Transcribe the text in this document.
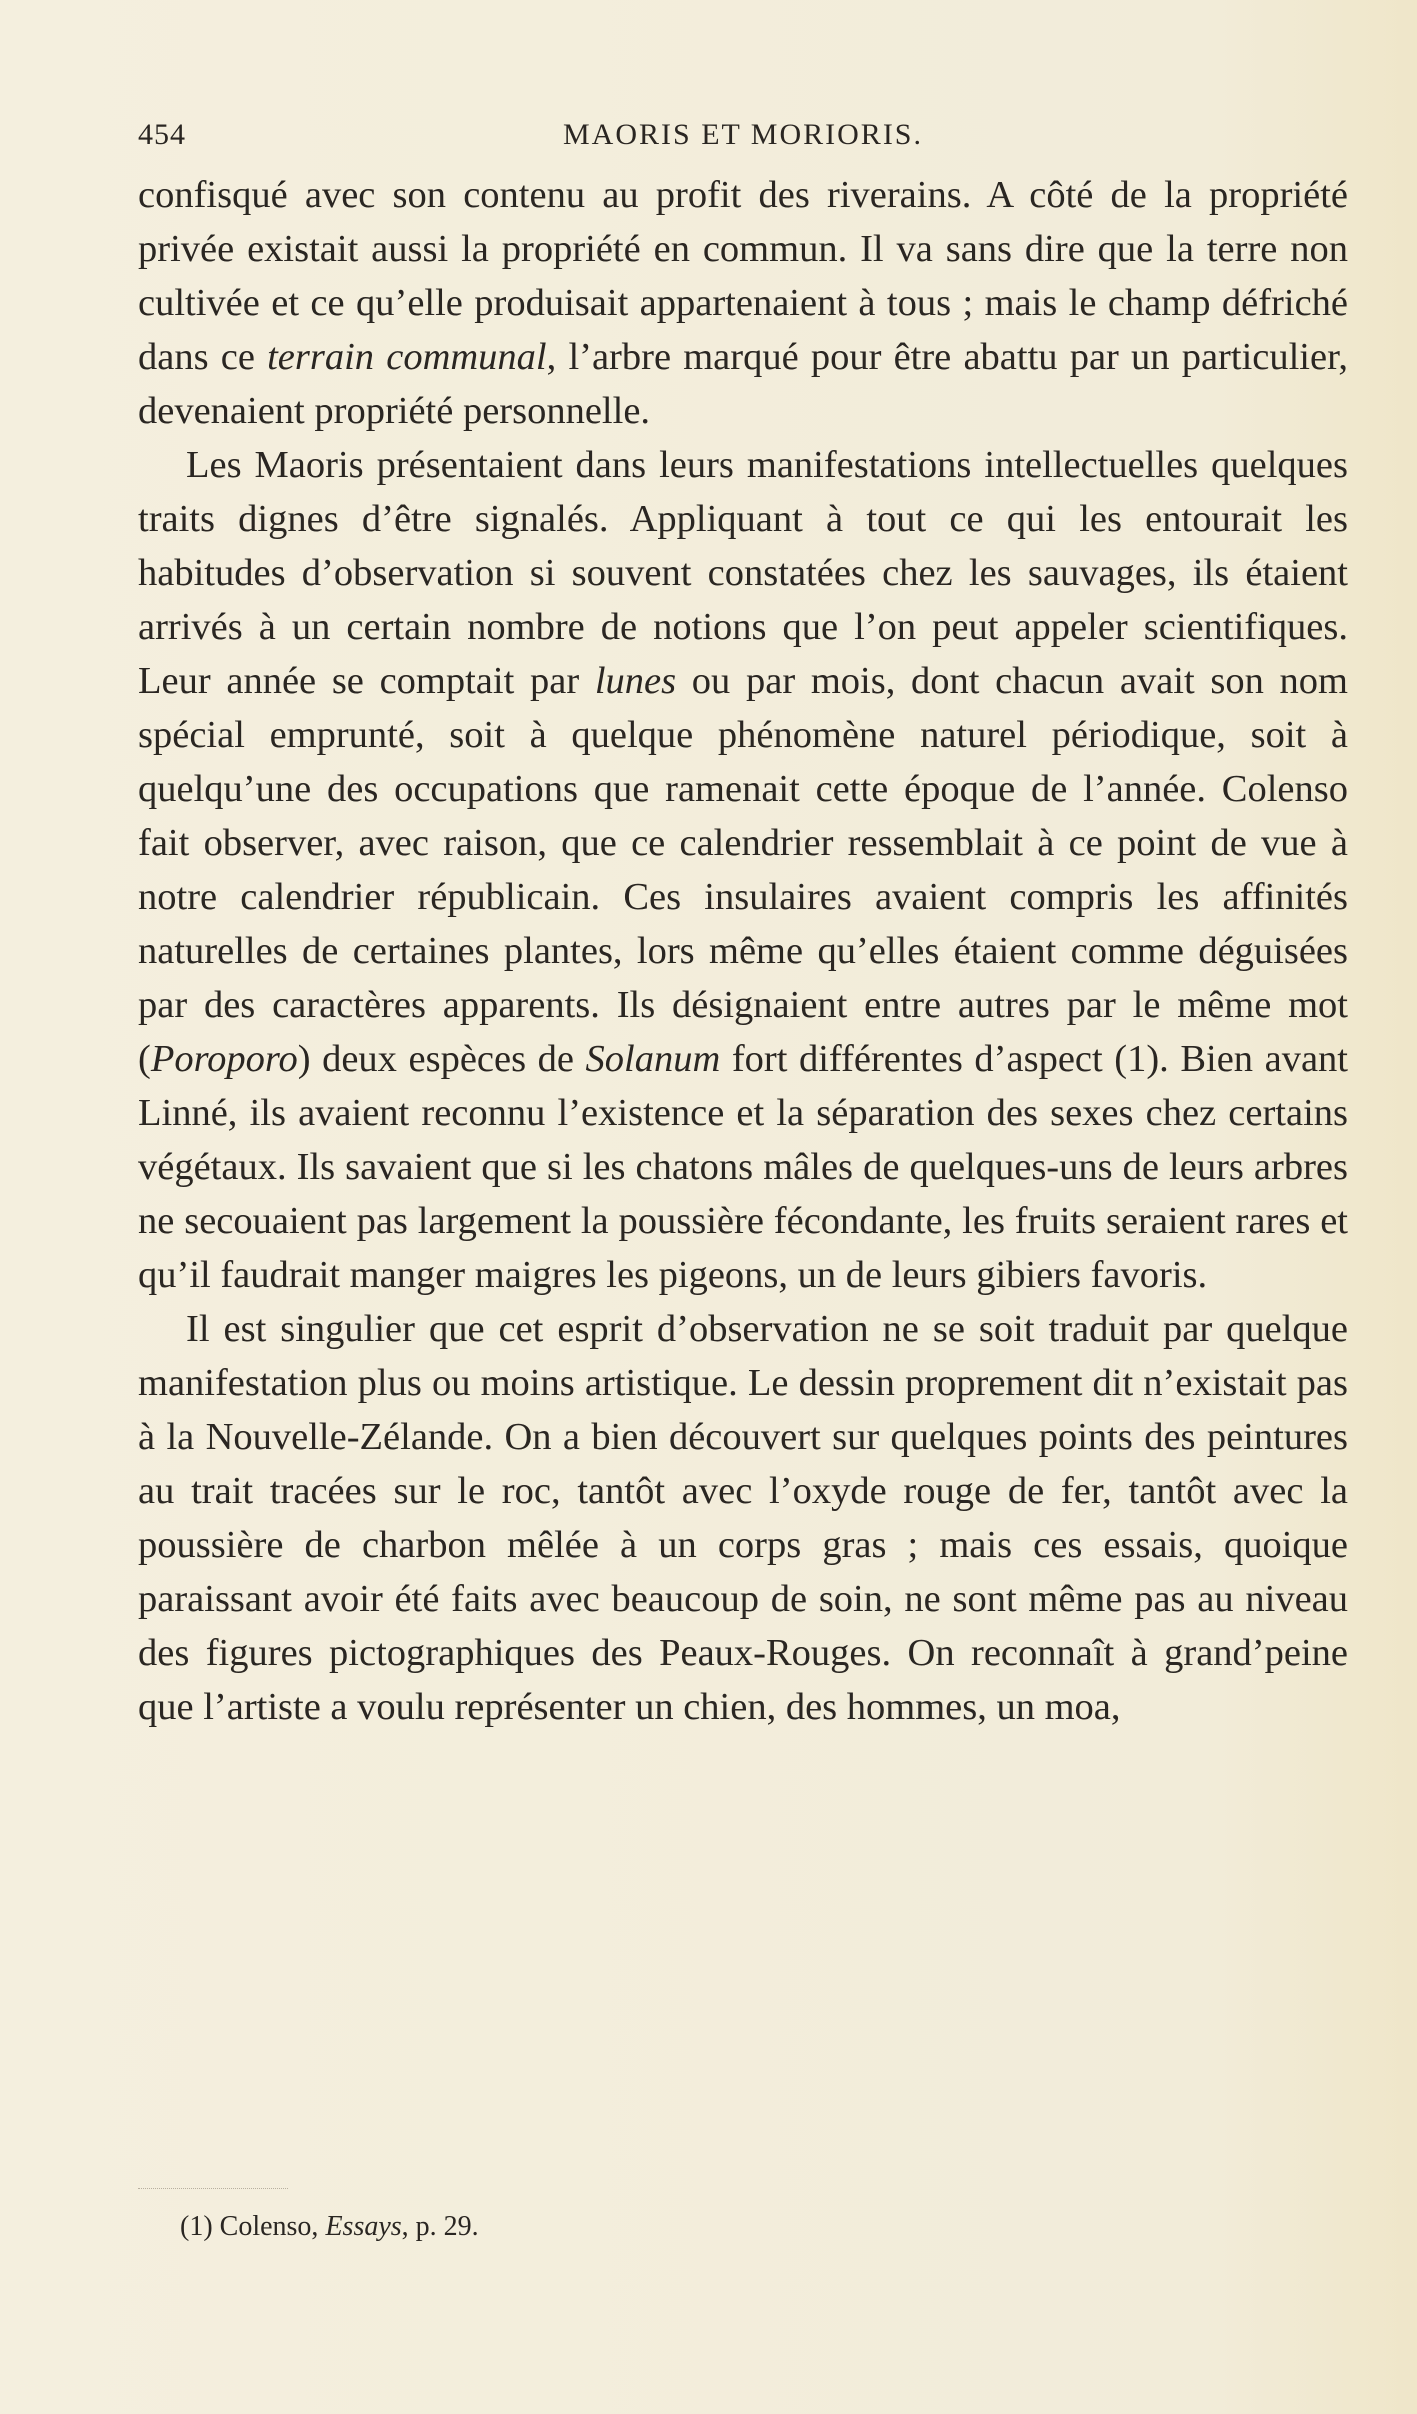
454	MAORIS ET MORIORIS.

confisqué avec son contenu au profit des riverains. A côté de la propriété privée existait aussi la propriété en commun. Il va sans dire que la terre non cultivée et ce qu’elle produisait appartenaient à tous ; mais le champ défriché dans ce terrain communal, l’arbre marqué pour être abattu par un particulier, devenaient propriété personnelle.

Les Maoris présentaient dans leurs manifestations intellectuelles quelques traits dignes d’être signalés. Appliquant à tout ce qui les entourait les habitudes d’observation si souvent constatées chez les sauvages, ils étaient arrivés à un certain nombre de notions que l’on peut appeler scientifiques. Leur année se comptait par lunes ou par mois, dont chacun avait son nom spécial emprunté, soit à quelque phénomène naturel périodique, soit à quelqu’une des occupations que ramenait cette époque de l’année. Colenso fait observer, avec raison, que ce calendrier ressemblait à ce point de vue à notre calendrier républicain. Ces insulaires avaient compris les affinités naturelles de certaines plantes, lors même qu’elles étaient comme déguisées par des caractères apparents. Ils désignaient entre autres par le même mot (Poroporo) deux espèces de Solanum fort différentes d’aspect (1). Bien avant Linné, ils avaient reconnu l’existence et la séparation des sexes chez certains végétaux. Ils savaient que si les chatons mâles de quelques-uns de leurs arbres ne secouaient pas largement la poussière fécondante, les fruits seraient rares et qu’il faudrait manger maigres les pigeons, un de leurs gibiers favoris.

Il est singulier que cet esprit d’observation ne se soit traduit par quelque manifestation plus ou moins artistique. Le dessin proprement dit n’existait pas à la Nouvelle-Zélande. On a bien découvert sur quelques points des peintures au trait tracées sur le roc, tantôt avec l’oxyde rouge de fer, tantôt avec la poussière de charbon mêlée à un corps gras ; mais ces essais, quoique paraissant avoir été faits avec beaucoup de soin, ne sont même pas au niveau des figures pictographiques des Peaux-Rouges. On reconnaît à grand’peine que l’artiste a voulu représenter un chien, des hommes, un moa,

(1) Colenso, Essays, p. 29.
